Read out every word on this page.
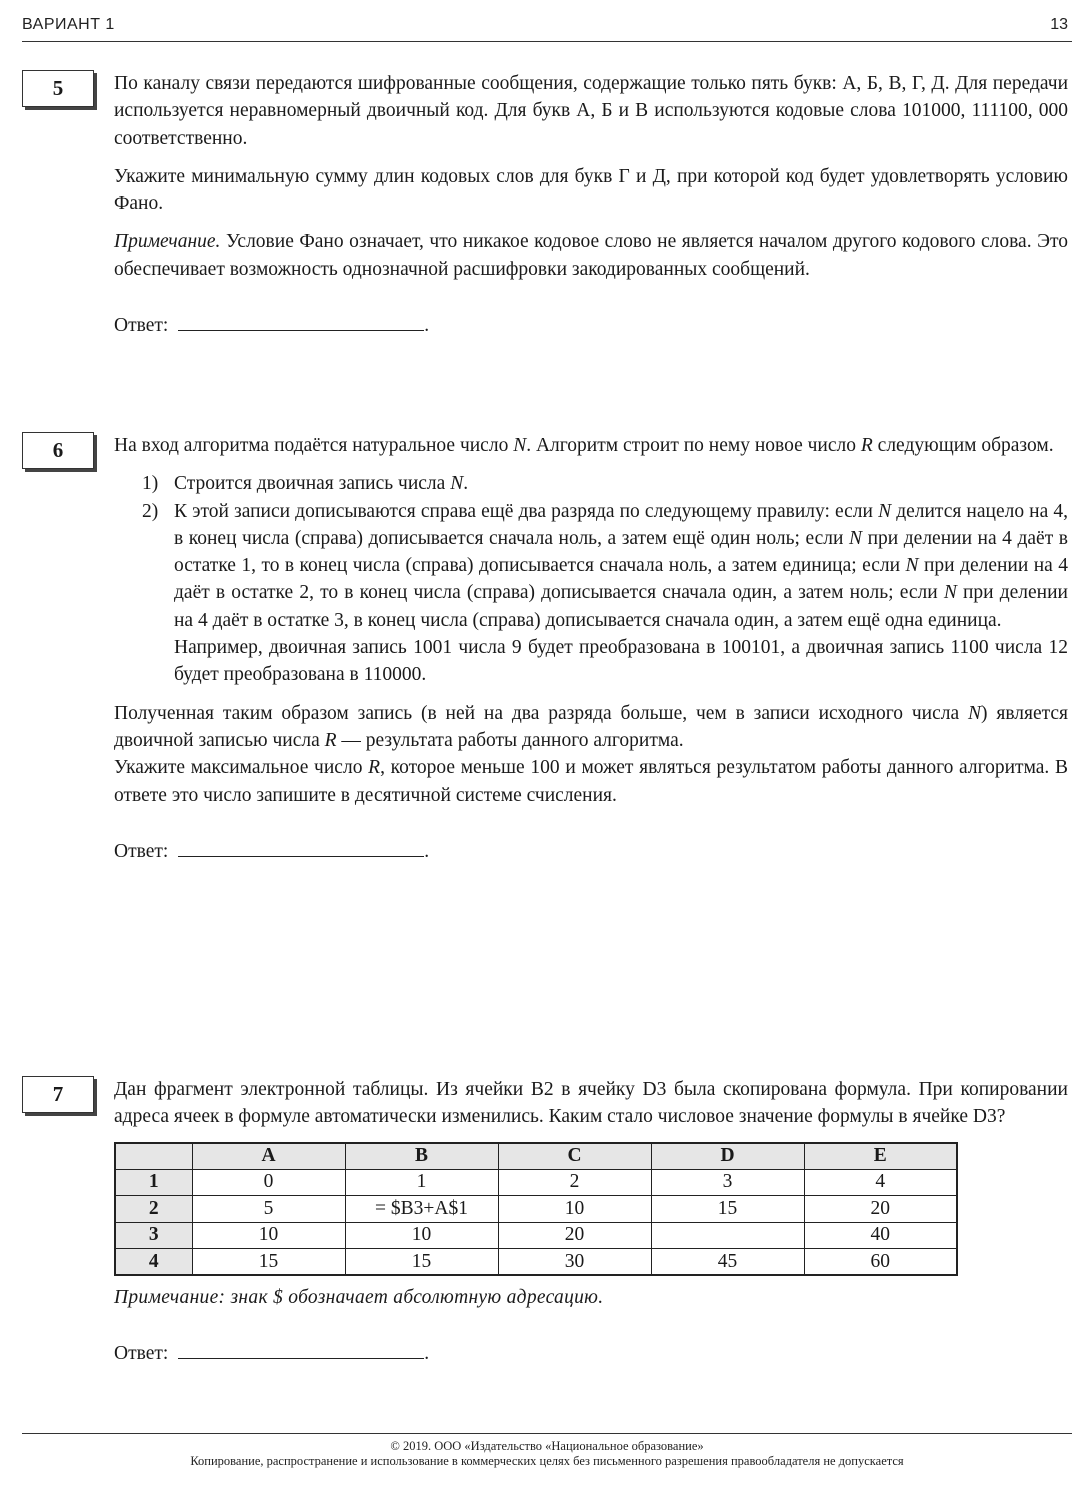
ВАРИАНТ 1	13
5	По каналу связи передаются шифрованные сообщения, содержащие только пять букв: А, Б, В, Г, Д. Для передачи используется неравномерный двоичный код. Для букв А, Б и В используются кодовые слова 101000, 111100, 000 соответственно.

Укажите минимальную сумму длин кодовых слов для букв Г и Д, при которой код будет удовлетворять условию Фано.

Примечание. Условие Фано означает, что никакое кодовое слово не является началом другого кодового слова. Это обеспечивает возможность однозначной расшифровки закодированных сообщений.

Ответ:	.
6	На вход алгоритма подаётся натуральное число N. Алгоритм строит по нему новое число R следующим образом.

1) Строится двоичная запись числа N.
2) К этой записи дописываются справа ещё два разряда по следующему правилу: если N делится нацело на 4, в конец числа (справа) дописывается сначала ноль, а затем ещё один ноль; если N при делении на 4 даёт в остатке 1, то в конец числа (справа) дописывается сначала ноль, а затем единица; если N при делении на 4 даёт в остатке 2, то в конец числа (справа) дописывается сначала один, а затем ноль; если N при делении на 4 даёт в остатке 3, в конец числа (справа) дописывается сначала один, а затем ещё одна единица.
Например, двоичная запись 1001 числа 9 будет преобразована в 100101, а двоичная запись 1100 числа 12 будет преобразована в 110000.

Полученная таким образом запись (в ней на два разряда больше, чем в записи исходного числа N) является двоичной записью числа R — результата работы данного алгоритма.

Укажите максимальное число R, которое меньше 100 и может являться результатом работы данного алгоритма. В ответе это число запишите в десятичной системе счисления.

Ответ:	.
7	Дан фрагмент электронной таблицы. Из ячейки B2 в ячейку D3 была скопирована формула. При копировании адреса ячеек в формуле автоматически изменились. Каким стало числовое значение формулы в ячейке D3?

	A	B	C	D	E
1	0	1	2	3	4
2	5	= $B3+A$1	10	15	20
3	10	10	20		40
4	15	15	30	45	60

Примечание: знак $ обозначает абсолютную адресацию.

Ответ:	.
© 2019. ООО «Издательство «Национальное образование»
Копирование, распространение и использование в коммерческих целях без письменного разрешения правообладателя не допускается
